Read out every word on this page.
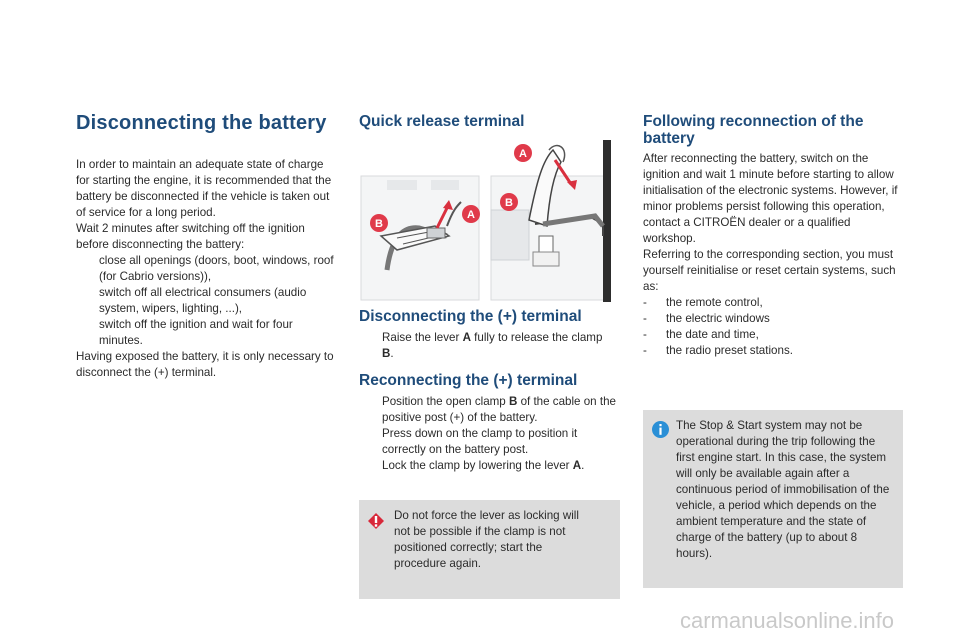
Disconnecting the battery

In order to maintain an adequate state of charge for starting the engine, it is recommended that the battery be disconnected if the vehicle is taken out of service for a long period.

Wait 2 minutes after switching off the ignition before disconnecting the battery:

close all openings (doors, boot, windows, roof (for Cabrio versions)),
switch off all electrical consumers (audio system, wipers, lighting, ...),
switch off the ignition and wait for four minutes.

Having exposed the battery, it is only necessary to disconnect the (+) terminal.

Quick release terminal
B
A
B
A
Disconnecting the (+) terminal
Raise the lever A fully to release the clamp B.
Reconnecting the (+) terminal
Position the open clamp B of the cable on the positive post (+) of the battery.
Press down on the clamp to position it correctly on the battery post.
Lock the clamp by lowering the lever A.
Do not force the lever as locking will not be possible if the clamp is not positioned correctly; start the procedure again.
Following reconnection of the battery

After reconnecting the battery, switch on the ignition and wait 1 minute before starting to allow initialisation of the electronic systems. However, if minor problems persist following this operation, contact a CITROËN dealer or a qualified workshop.

Referring to the corresponding section, you must yourself reinitialise or reset certain systems, such as:

- the remote control,
- the electric windows
- the date and time,
- the radio preset stations.
The Stop & Start system may not be operational during the trip following the first engine start. In this case, the system will only be available again after a continuous period of immobilisation of the vehicle, a period which depends on the ambient temperature and the state of charge of the battery (up to about 8 hours).
carmanualsonline.info
